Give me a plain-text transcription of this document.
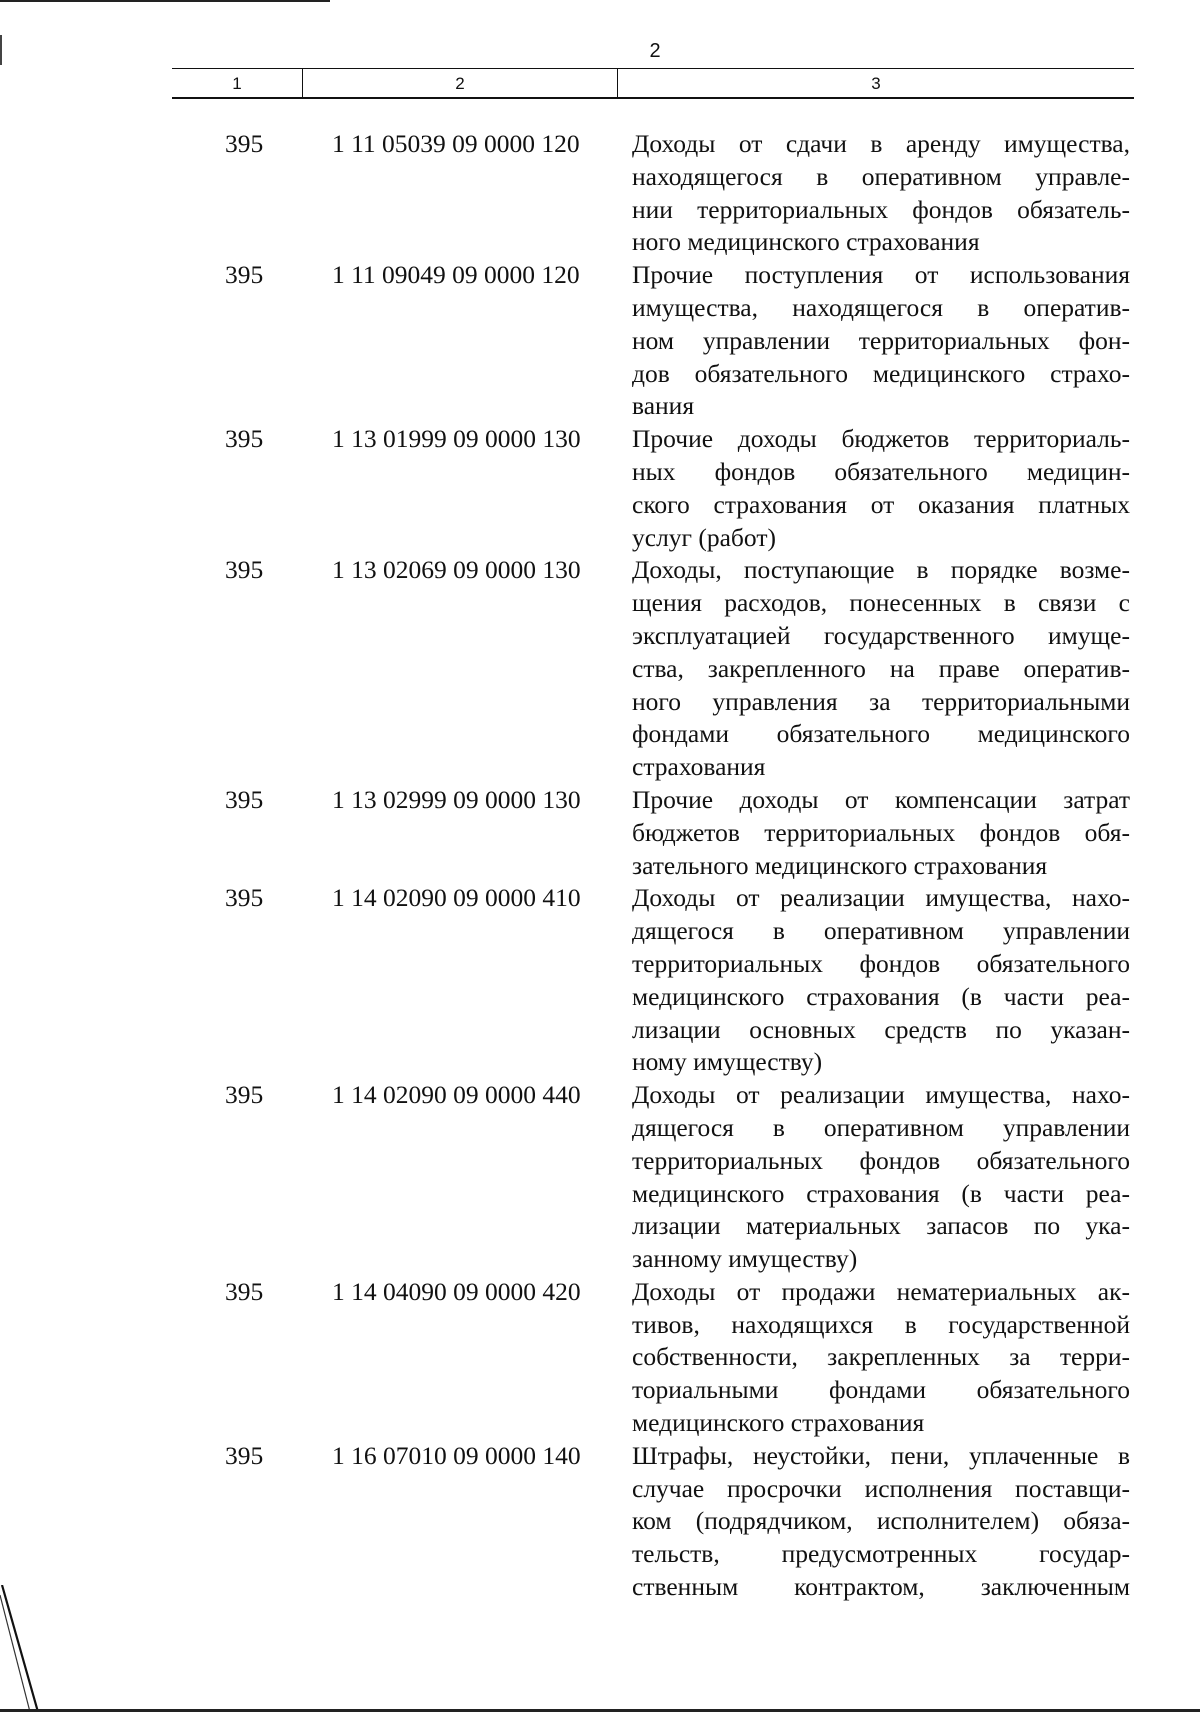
2
1	2	3
395	1 11 05039 09 0000 120	Доходы от сдачи в аренду имущества,
находящегося в оперативном управле-
нии территориальных фондов обязатель-
ного медицинского страхования
395	1 11 09049 09 0000 120	Прочие поступления от использования
имущества, находящегося в оператив-
ном управлении территориальных фон-
дов обязательного медицинского страхо-
вания
395	1 13 01999 09 0000 130	Прочие доходы бюджетов территориаль-
ных фондов обязательного медицин-
ского страхования от оказания платных
услуг (работ)
395	1 13 02069 09 0000 130	Доходы, поступающие в порядке возме-
щения расходов, понесенных в связи с
эксплуатацией государственного имуще-
ства, закрепленного на праве оператив-
ного управления за территориальными
фондами обязательного медицинского
страхования
395	1 13 02999 09 0000 130	Прочие доходы от компенсации затрат
бюджетов территориальных фондов обя-
зательного медицинского страхования
395	1 14 02090 09 0000 410	Доходы от реализации имущества, нахо-
дящегося в оперативном управлении
территориальных фондов обязательного
медицинского страхования (в части реа-
лизации основных средств по указан-
ному имуществу)
395	1 14 02090 09 0000 440	Доходы от реализации имущества, нахо-
дящегося в оперативном управлении
территориальных фондов обязательного
медицинского страхования (в части реа-
лизации материальных запасов по ука-
занному имуществу)
395	1 14 04090 09 0000 420	Доходы от продажи нематериальных ак-
тивов, находящихся в государственной
собственности, закрепленных за терри-
ториальными фондами обязательного
медицинского страхования
395	1 16 07010 09 0000 140	Штрафы, неустойки, пени, уплаченные в
случае просрочки исполнения поставщи-
ком (подрядчиком, исполнителем) обяза-
тельств, предусмотренных государ-
ственным контрактом, заключенным
